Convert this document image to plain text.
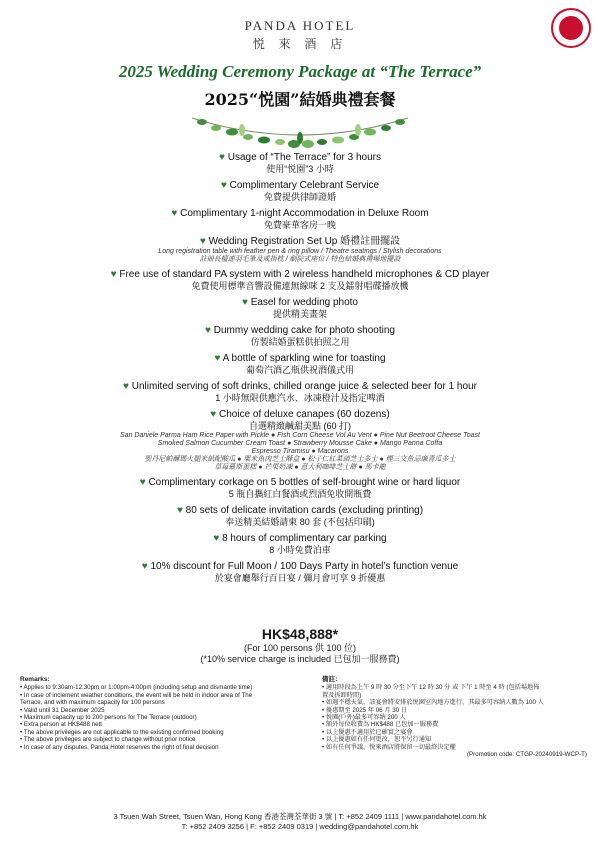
PANDA HOTEL
悦 來 酒 店
2025 Wedding Ceremony Package at “The Terrace”
2025“悦園”結婚典禮套餐
♥ Usage of “The Terrace” for 3 hours
使用“悦園”3 小時
♥ Complimentary Celebrant Service
免費提供律師證婚
♥ Complimentary 1-night Accommodation in Deluxe Room
免費豪華客房一晚
♥ Wedding Registration Set Up 婚禮註冊擺設
Long registration table with feather pen & ring pillow / Theatre seatings / Stylish decorations
註冊長檯連羽毛筆及戒指枕 / 劇院式座位 / 特色結婚典禮場地擺設
♥ Free use of standard PA system with 2 wireless handheld microphones & CD player
免費使用標準音響設備連無線咪 2 支及鐳射唱碟播放機
♥ Easel for wedding photo
提供精美畫架
♥ Dummy wedding cake for photo shooting
仿製結婚蛋糕供拍照之用
♥ A bottle of sparkling wine for toasting
葡萄汽酒乙瓶供祝酒儀式用
♥ Unlimited serving of soft drinks, chilled orange juice & selected beer for 1 hour
1 小時無限供應汽水、冰凍橙汁及指定啤酒
♥ Choice of deluxe canapes (60 dozens)
自選精緻鹹甜美點 (60 打)
San Daniele Parma Ham Rice Paper with Pickle ● Fish Corn Cheese Vol Au Vent ● Pine Nut Beetroot Cheese Toast
Smoked Salmon Cucumber Cream Toast ● Strawberry Mousse Cake ● Mango Panna Coffa
Espresso Tiramisu ● Macarons
聖丹尼帕爾瑪火腿米紙配酸瓜 ● 粟米魚肉芝士酥盒 ● 松子仁紅菜頭芝士多士 ● 煙三文魚忌廉青瓜多士
草莓慕斯蛋糕 ● 芒果奶凍 ● 意大利咖啡芝士餅 ● 馬卡龍
♥ Complimentary corkage on 5 bottles of self-brought wine or hard liquor
5 瓶自攜紅白餐酒或烈酒免收開瓶費
♥ 80 sets of delicate invitation cards (excluding printing)
奉送精美結婚請柬 80 套 (不包括印刷)
♥ 8 hours of complimentary car parking
8 小時免費泊車
♥ 10% discount for Full Moon / 100 Days Party in hotel’s function venue
於宴會廳舉行百日宴 / 彌月會可享 9 折優惠
HK$48,888*
(For 100 persons 供 100 位)
(*10% service charge is included 已包加一服務費)
Remarks:
• Applies to 9:30am-12:30pm or 1:00pm-4:00pm (including setup and dismantle time)
• In case of inclement weather conditions, the event will be held in indoor area of The
Terrace, and with maximum capacity for 100 persons
• Valid until 31 December 2025
• Maximum capacity up to 200 persons for The Terrace (outdoor)
• Extra person at HK$488 nett
• The above privileges are not applicable to the existing confirmed booking
• The above privileges are subject to change without prior notice
• In case of any disputes, Panda Hotel reserves the right of final decision
備註：
• 適用時段為上午 9 時 30 分至下午 12 時 30 分 或 下午 1 時至 4 時 (包括場地佈
置及拆卸時間)
• 如遇不穩天氣，該宴會將安排於悦園室內地方進行，其最多可容納人數為 100 人
• 優惠期至 2025 年 06 月 30 日
• 悦園(戶外)最多可容納 200 人
• 額外每位收費為 HK$488 已包加一服務費
• 以上優惠不適用於已確實之宴會
• 以上優惠如有任何更改，恕不另行通知
• 如有任何爭議，悦來酒店將保留一切最終決定權
(Promotion code: CTGP-20240919-WCP-T)
3 Tsuen Wah Street, Tsuen Wan, Hong Kong 香港荃灣荃華街 3 號 | T: +852 2409 1111 | www.pandahotel.com.hk
T: +852 2409 3256 | F: +852 2409 0319 | wedding@pandahotel.com.hk
